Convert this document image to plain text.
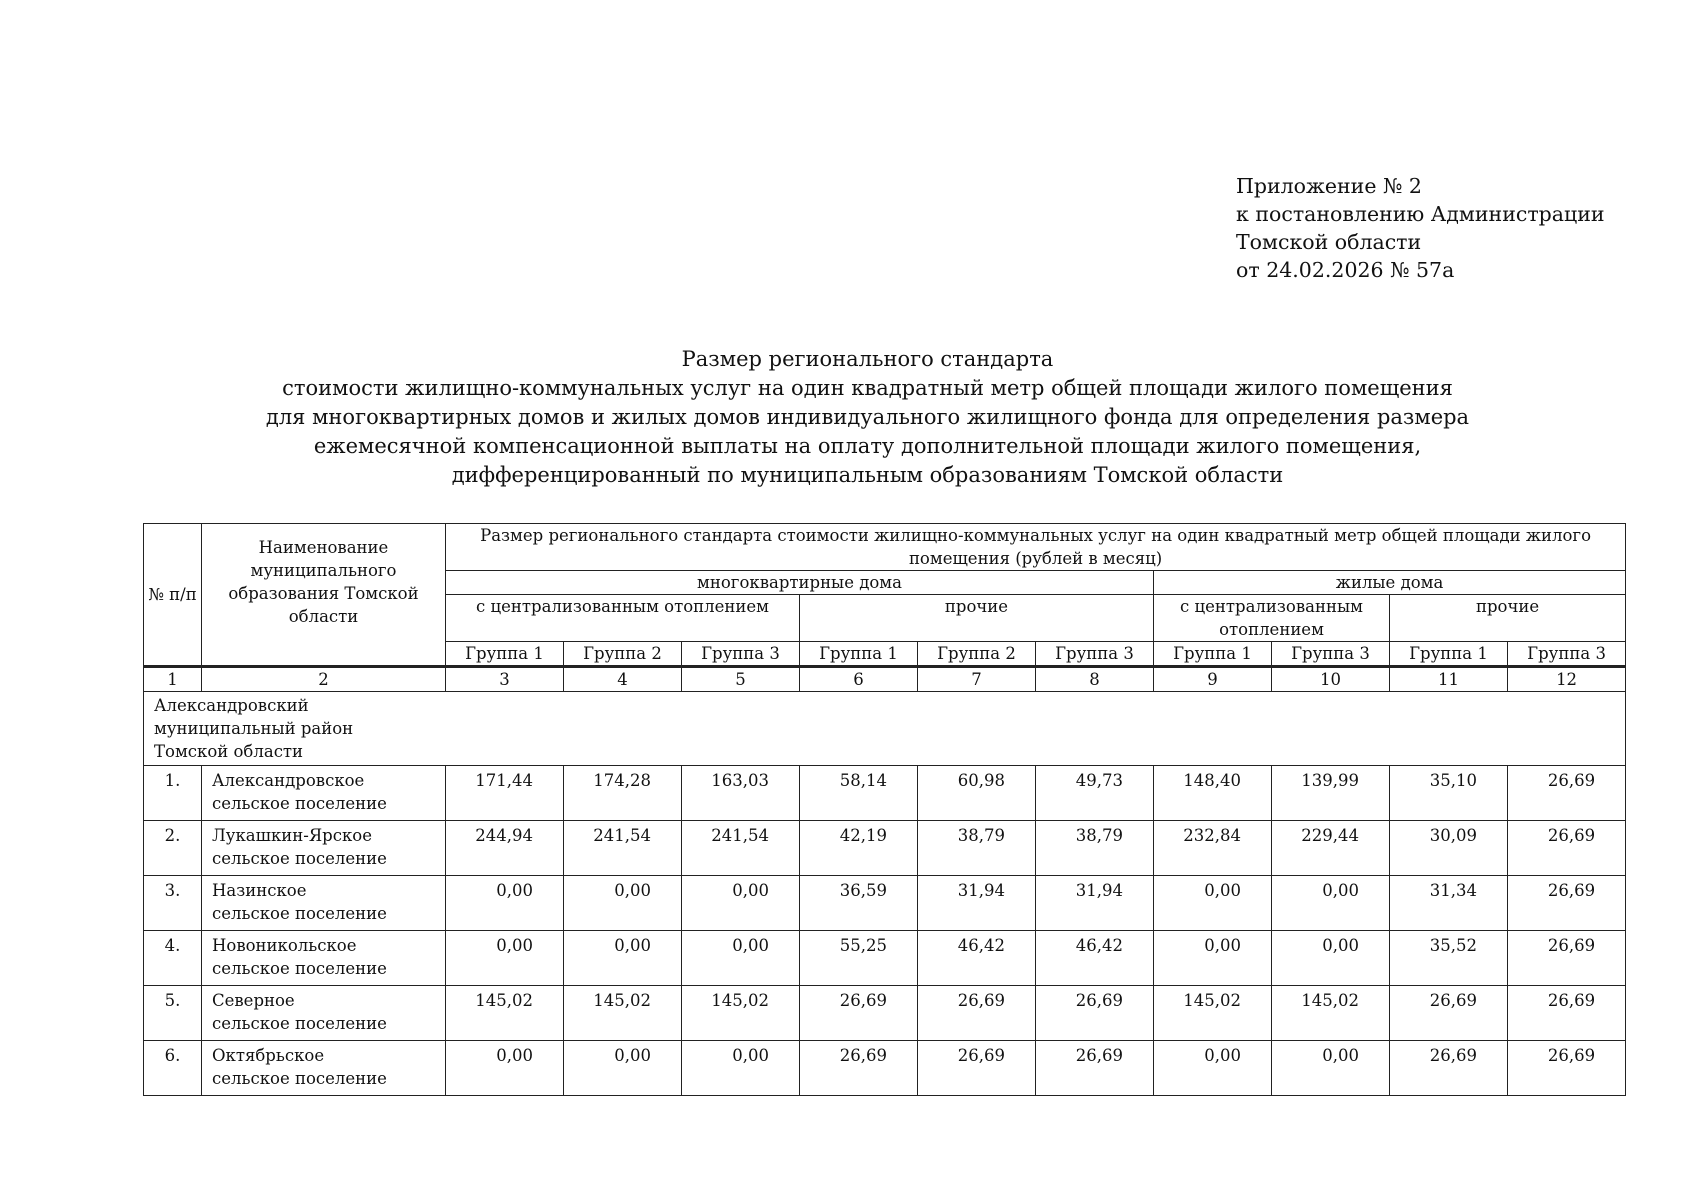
Приложение № 2
к постановлению Администрации
Томской области
от 24.02.2026 № 57а
Размер регионального стандарта
стоимости жилищно-коммунальных услуг на один квадратный метр общей площади жилого помещения
для многоквартирных домов и жилых домов индивидуального жилищного фонда для определения размера
ежемесячной компенсационной выплаты на оплату дополнительной площади жилого помещения,
дифференцированный по муниципальным образованиям Томской области
№ п/п	Наименование муниципального образования Томской области	Размер регионального стандарта стоимости жилищно-коммунальных услуг на один квадратный метр общей площади жилого помещения (рублей в месяц)									
		многоквартирные дома						жилые дома			
		с централизованным отоплением			прочие			с централизованным отоплением		прочие	
		Группа 1	Группа 2	Группа 3	Группа 1	Группа 2	Группа 3	Группа 1	Группа 3	Группа 1	Группа 3
1	2	3	4	5	6	7	8	9	10	11	12

Александровский муниципальный район Томской области											

1.	Александровское
сельское поселение	171,44	174,28	163,03	58,14	60,98	49,73	148,40	139,99	35,10	26,69
2.	Лукашкин-Ярское
сельское поселение	244,94	241,54	241,54	42,19	38,79	38,79	232,84	229,44	30,09	26,69
3.	Назинское
сельское поселение	0,00	0,00	0,00	36,59	31,94	31,94	0,00	0,00	31,34	26,69
4.	Новоникольское
сельское поселение	0,00	0,00	0,00	55,25	46,42	46,42	0,00	0,00	35,52	26,69
5.	Северное
сельское поселение	145,02	145,02	145,02	26,69	26,69	26,69	145,02	145,02	26,69	26,69
6.	Октябрьское
сельское поселение	0,00	0,00	0,00	26,69	26,69	26,69	0,00	0,00	26,69	26,69
